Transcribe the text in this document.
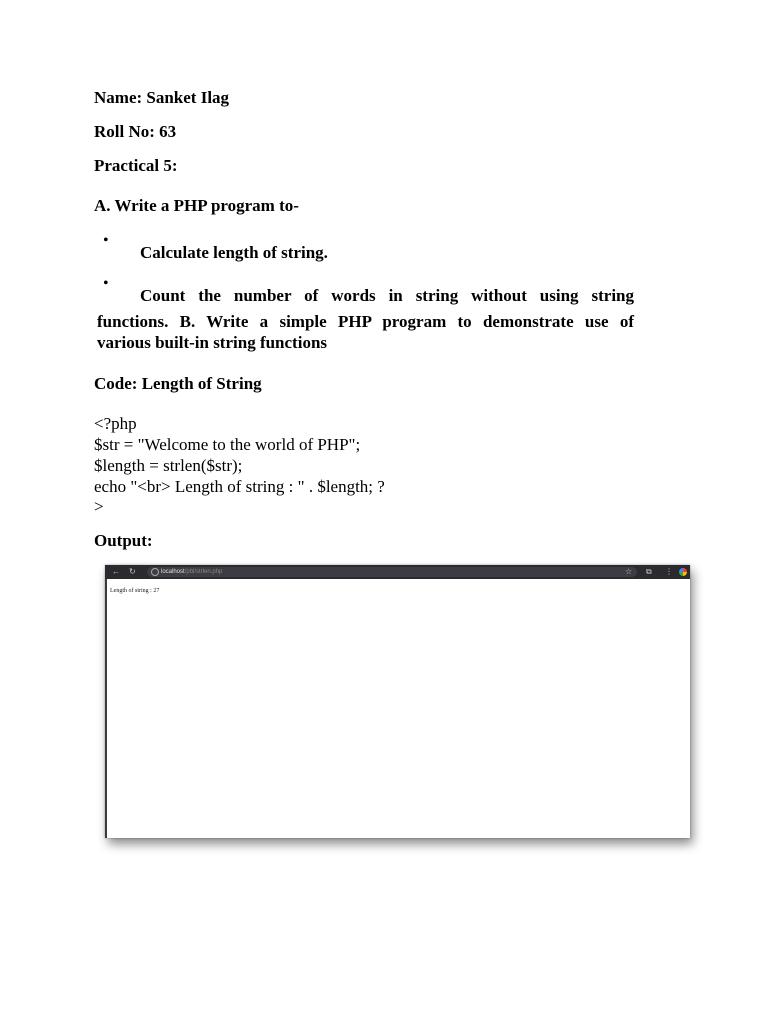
Name: Sanket Ilag
Roll No: 63
Practical 5:
A. Write a PHP program to-
•
Calculate length of string.
•
Count the number of words in string without using string
functions. B. Write a simple PHP program to demonstrate use of
various built-in string functions
Code: Length of String
<?php
$str = "Welcome to the world of PHP";
$length = strlen($str);
echo "<br> Length of string : " . $length; ?
>
Output:
← ↻	localhost/pbl/strlen.php	☆ ⧉ ⋮
Length of string : 27
